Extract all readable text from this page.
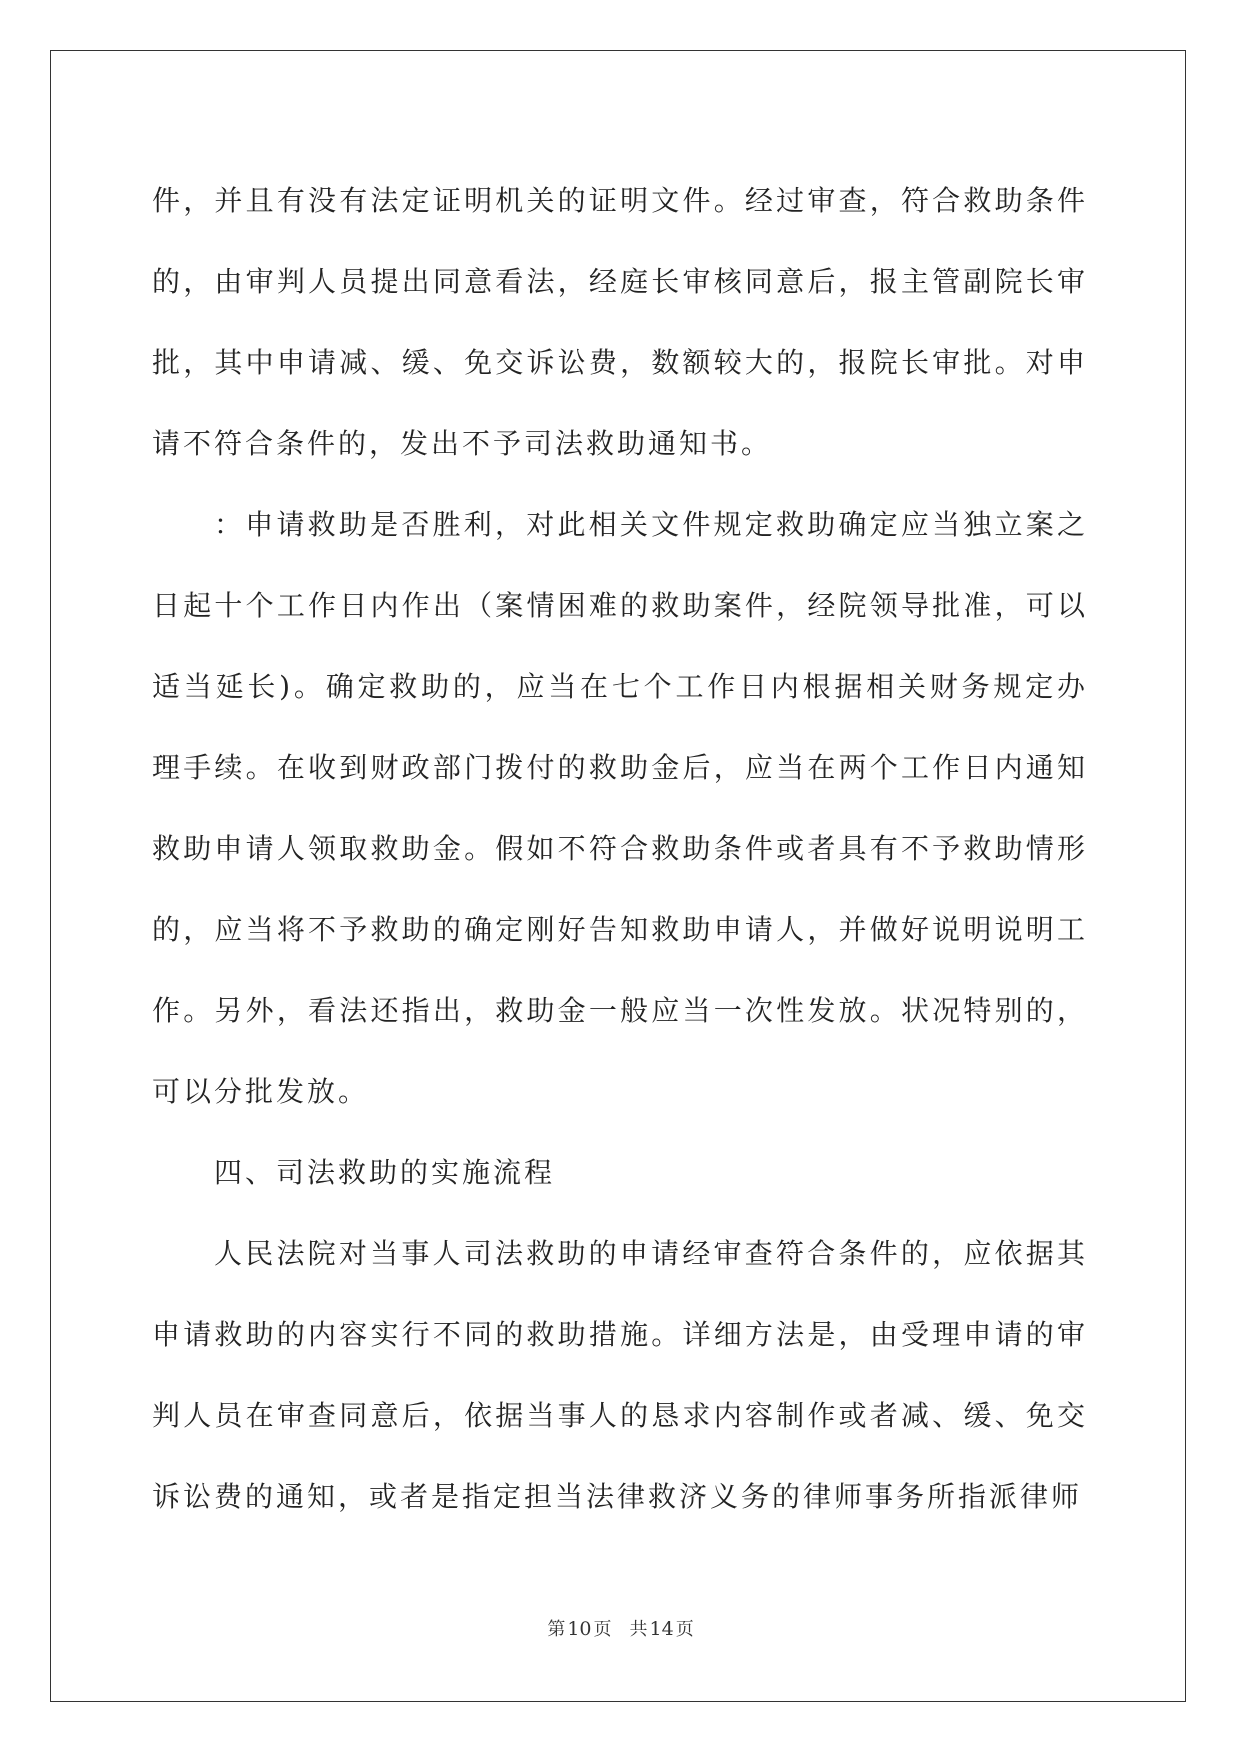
件，并且有没有法定证明机关的证明文件。经过审查，符合救助条件的，由审判人员提出同意看法，经庭长审核同意后，报主管副院长审批，其中申请减、缓、免交诉讼费，数额较大的，报院长审批。对申请不符合条件的，发出不予司法救助通知书。

：申请救助是否胜利，对此相关文件规定救助确定应当独立案之日起十个工作日内作出（案情困难的救助案件，经院领导批准，可以适当延长)。确定救助的，应当在七个工作日内根据相关财务规定办理手续。在收到财政部门拨付的救助金后，应当在两个工作日内通知救助申请人领取救助金。假如不符合救助条件或者具有不予救助情形的，应当将不予救助的确定刚好告知救助申请人，并做好说明说明工作。另外，看法还指出，救助金一般应当一次性发放。状况特别的，可以分批发放。

四、司法救助的实施流程

人民法院对当事人司法救助的申请经审查符合条件的，应依据其申请救助的内容实行不同的救助措施。详细方法是，由受理申请的审判人员在审查同意后，依据当事人的恳求内容制作或者减、缓、免交诉讼费的通知，或者是指定担当法律救济义务的律师事务所指派律师

第 10 页 共 14 页
